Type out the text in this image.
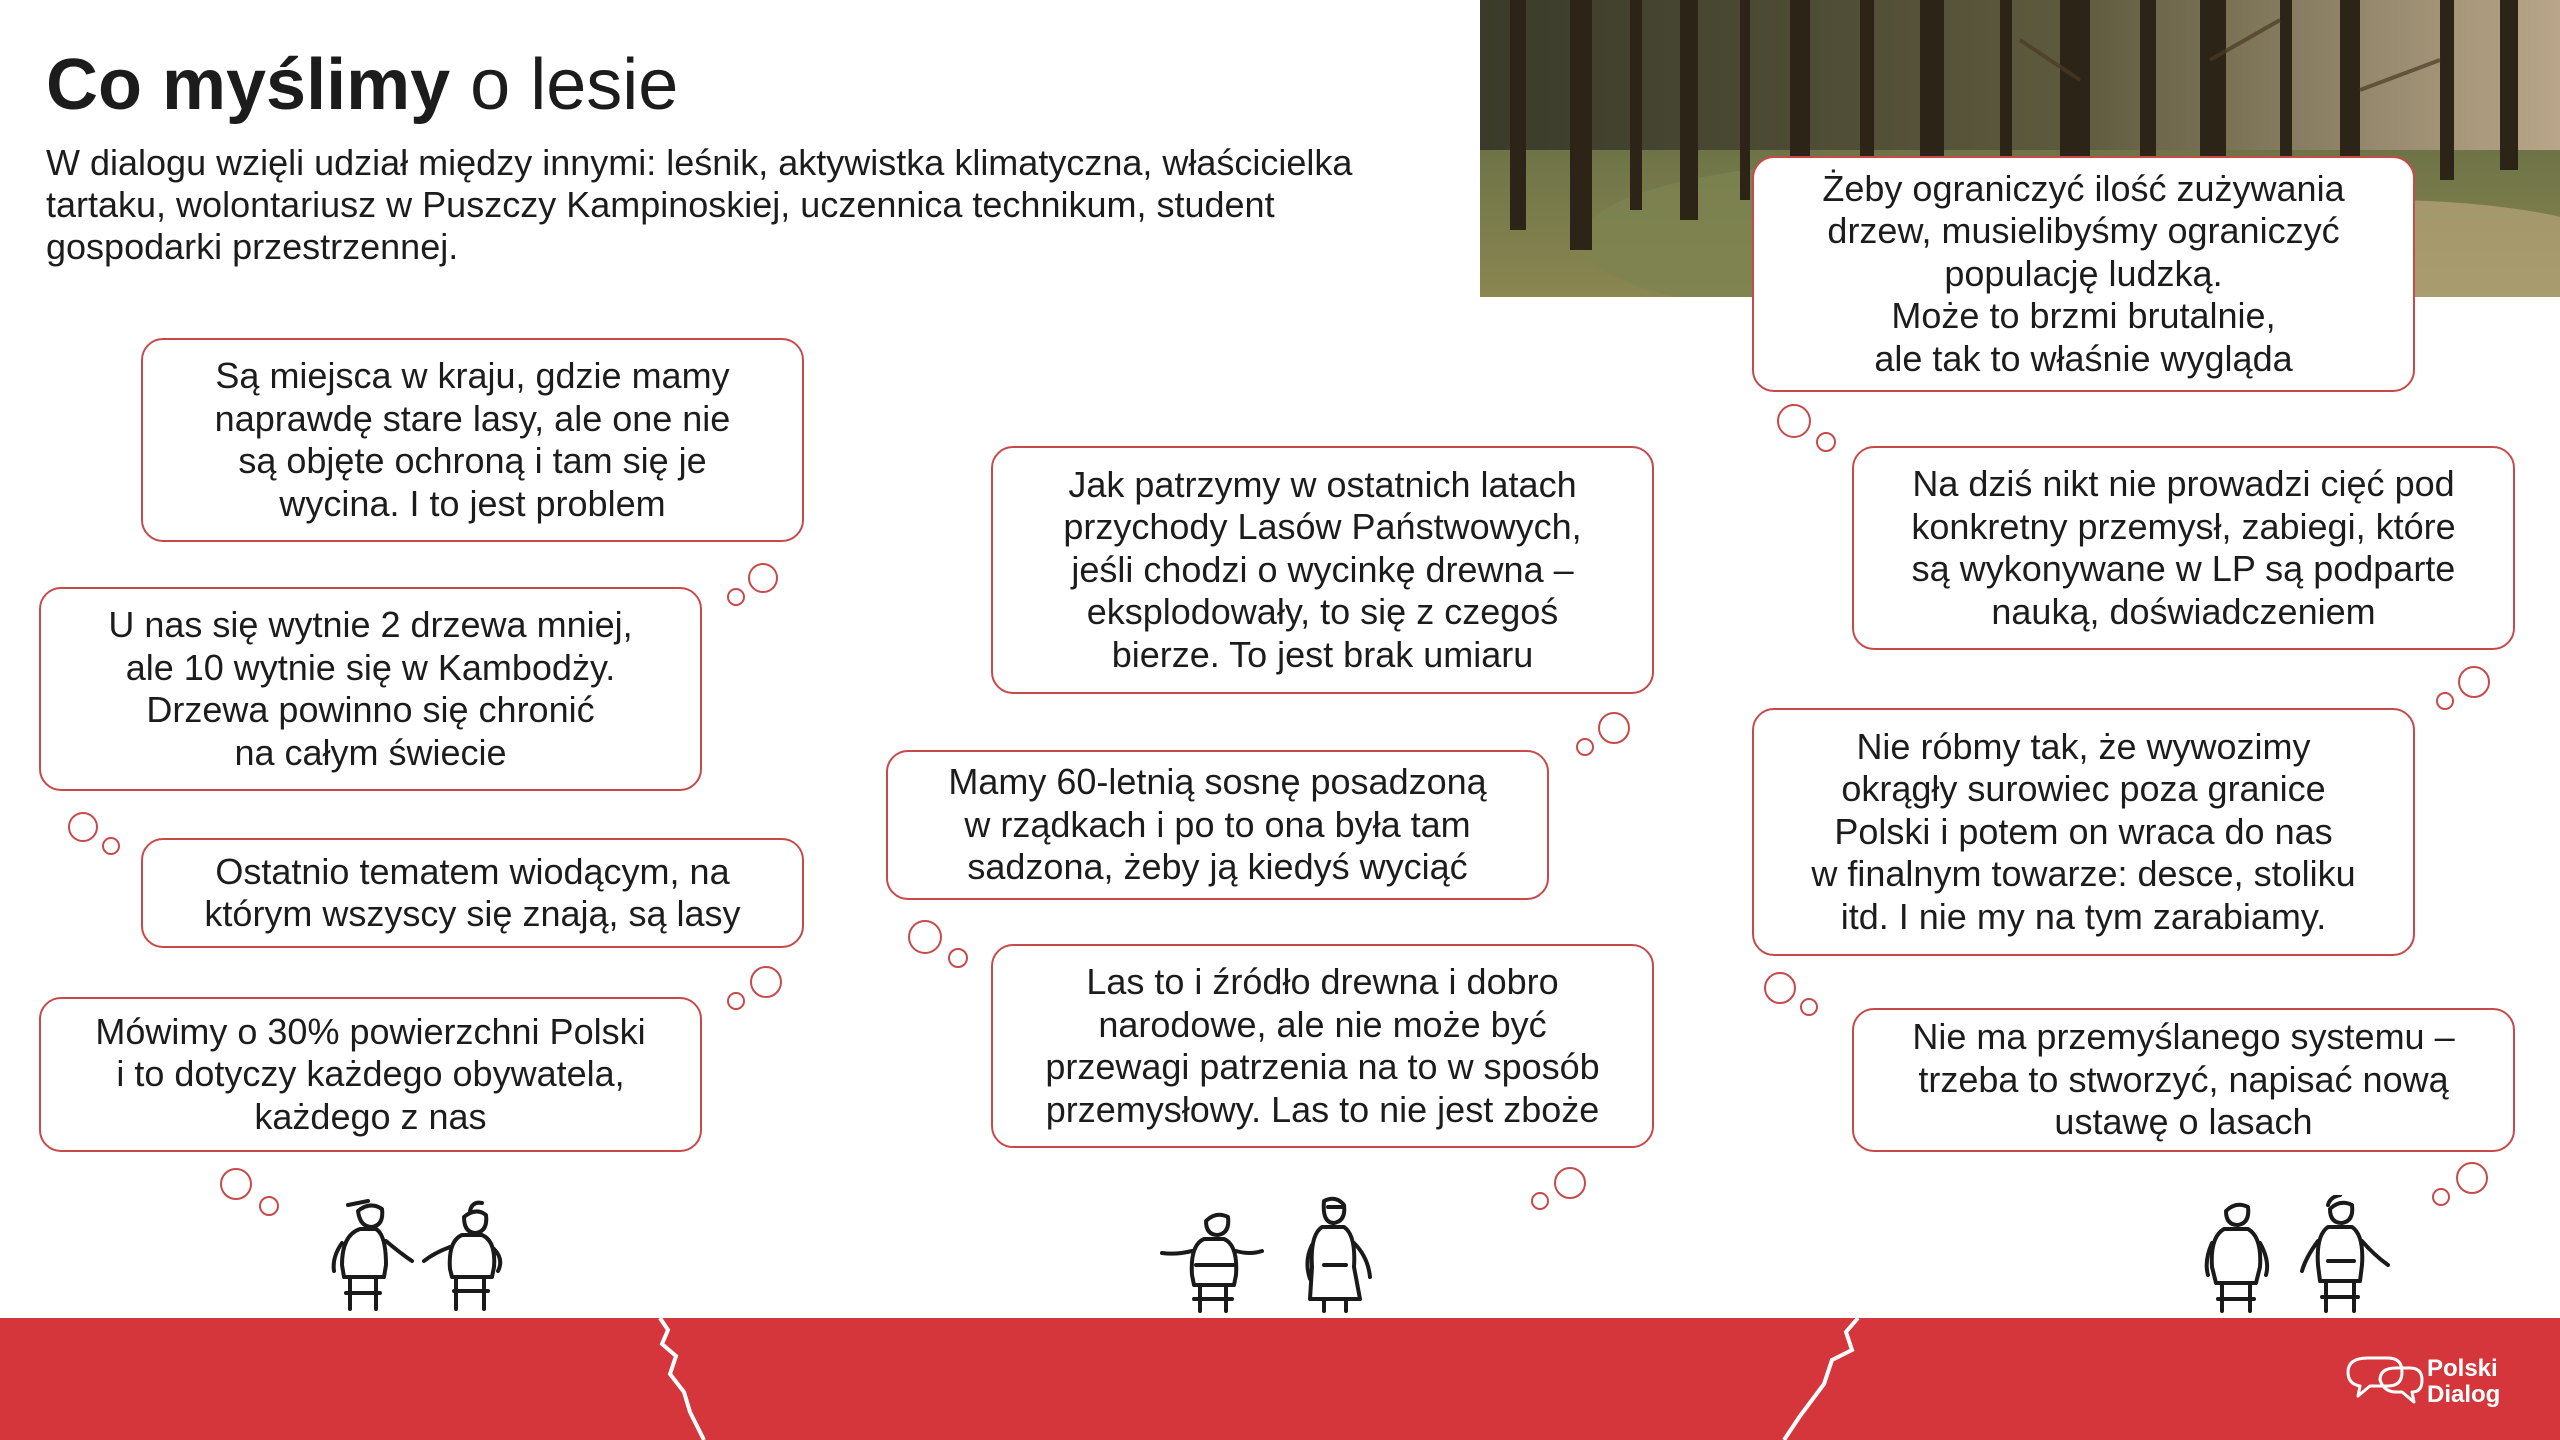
Co myślimy o lesie

W dialogu wzięli udział między innymi: leśnik, aktywistka klimatyczna, właścicielka tartaku, wolontariusz w Puszczy Kampinoskiej, uczennica technikum, student gospodarki przestrzennej.

Są miejsca w kraju, gdzie mamy
naprawdę stare lasy, ale one nie
są objęte ochroną i tam się je
wycina. I to jest problem

U nas się wytnie 2 drzewa mniej,
ale 10 wytnie się w Kambodży.
Drzewa powinno się chronić
na całym świecie

Ostatnio tematem wiodącym, na
którym wszyscy się znają, są lasy

Mówimy o 30% powierzchni Polski
i to dotyczy każdego obywatela,
każdego z nas

Jak patrzymy w ostatnich latach
przychody Lasów Państwowych,
jeśli chodzi o wycinkę drewna –
eksplodowały, to się z czegoś
bierze. To jest brak umiaru

Mamy 60-letnią sosnę posadzoną
w rządkach i po to ona była tam
sadzona, żeby ją kiedyś wyciąć

Las to i źródło drewna i dobro
narodowe, ale nie może być
przewagi patrzenia na to w sposób
przemysłowy. Las to nie jest zboże

Żeby ograniczyć ilość zużywania
drzew, musielibyśmy ograniczyć
populację ludzką.
Może to brzmi brutalnie,
ale tak to właśnie wygląda

Na dziś nikt nie prowadzi cięć pod
konkretny przemysł, zabiegi, które
są wykonywane w LP są podparte
nauką, doświadczeniem

Nie róbmy tak, że wywozimy
okrągły surowiec poza granice
Polski i potem on wraca do nas
w finalnym towarze: desce, stoliku
itd. I nie my na tym zarabiamy.

Nie ma przemyślanego systemu –
trzeba to stworzyć, napisać nową
ustawę o lasach

Polski
Dialog
